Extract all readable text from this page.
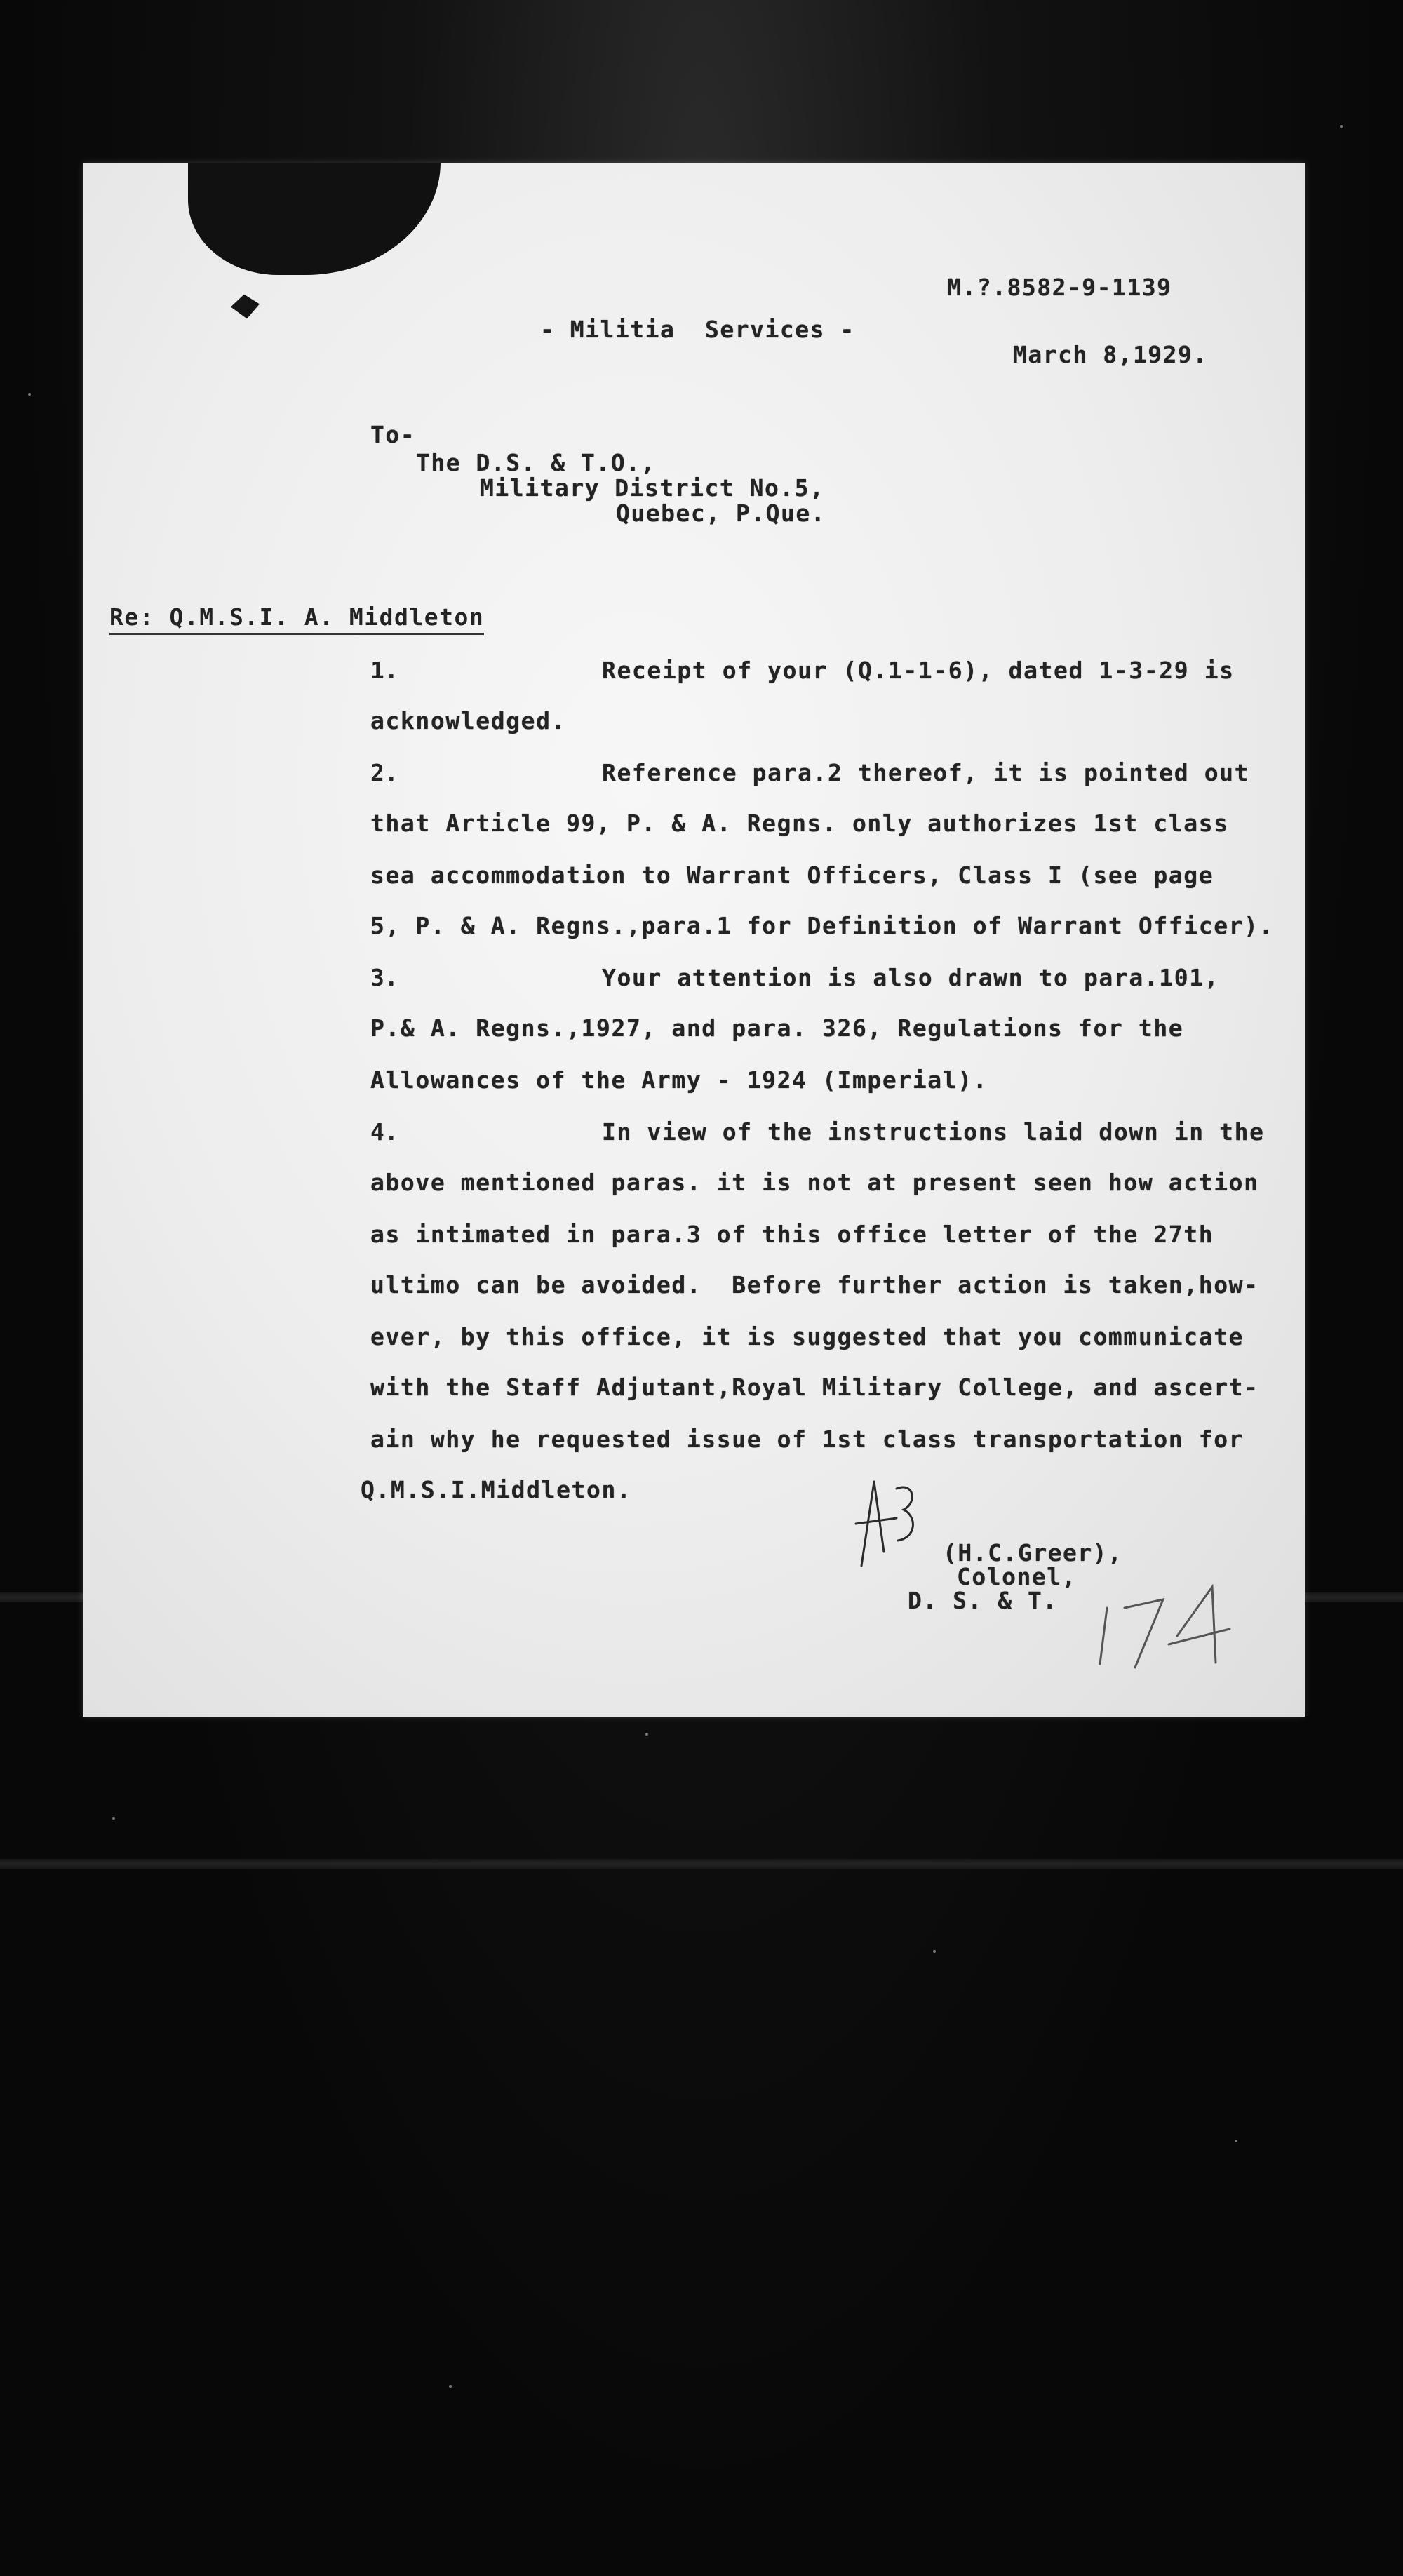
M.?.8582-9-1139
- Militia  Services -
March 8,1929.
To-
The D.S. & T.O.,
Military District No.5,
Quebec, P.Que.
Re: Q.M.S.I. A. Middleton
1.	Receipt of your (Q.1-1-6), dated 1-3-29 is
acknowledged.
2.	Reference para.2 thereof, it is pointed out
that Article 99, P. & A. Regns. only authorizes 1st class
sea accommodation to Warrant Officers, Class I (see page
5, P. & A. Regns.,para.1 for Definition of Warrant Officer).
3.	Your attention is also drawn to para.101,
P.& A. Regns.,1927, and para. 326, Regulations for the
Allowances of the Army - 1924 (Imperial).
4.	In view of the instructions laid down in the
above mentioned paras. it is not at present seen how action
as intimated in para.3 of this office letter of the 27th
ultimo can be avoided.  Before further action is taken,how-
ever, by this office, it is suggested that you communicate
with the Staff Adjutant,Royal Military College, and ascert-
ain why he requested issue of 1st class transportation for
Q.M.S.I.Middleton.
(H.C.Greer),
Colonel,
D. S. & T.
